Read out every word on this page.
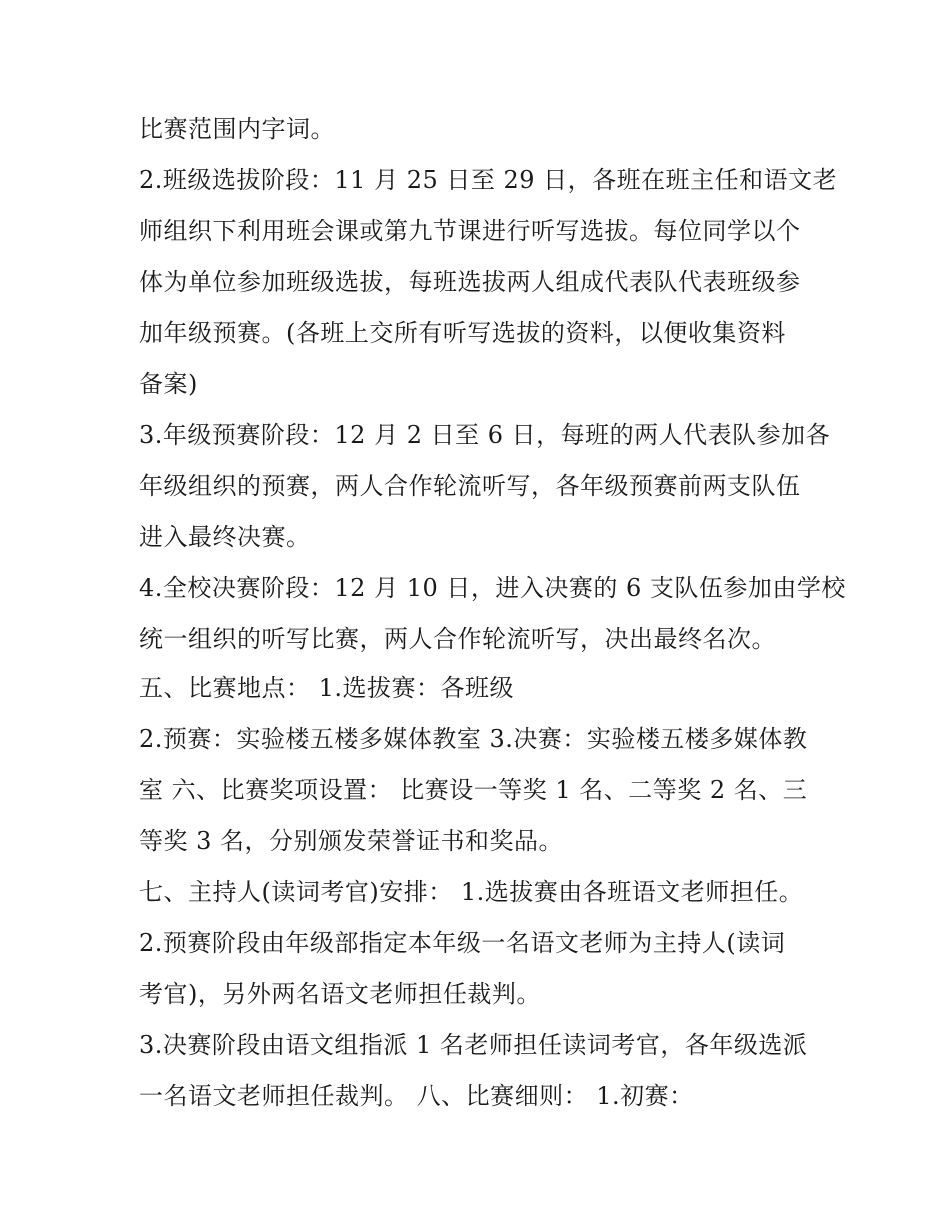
比赛范围内字词。
2.班级选拔阶段：11 月 25 日至 29 日，各班在班主任和语文老
师组织下利用班会课或第九节课进行听写选拔。每位同学以个
体为单位参加班级选拔，每班选拔两人组成代表队代表班级参
加年级预赛。(各班上交所有听写选拔的资料，以便收集资料
备案)
3.年级预赛阶段：12 月 2 日至 6 日，每班的两人代表队参加各
年级组织的预赛，两人合作轮流听写，各年级预赛前两支队伍
进入最终决赛。
4.全校决赛阶段：12 月 10 日，进入决赛的 6 支队伍参加由学校
统一组织的听写比赛，两人合作轮流听写，决出最终名次。
五、比赛地点： 1.选拔赛：各班级
2.预赛：实验楼五楼多媒体教室 3.决赛：实验楼五楼多媒体教
室 六、比赛奖项设置： 比赛设一等奖 1 名、二等奖 2 名、三
等奖 3 名，分别颁发荣誉证书和奖品。
七、主持人(读词考官)安排： 1.选拔赛由各班语文老师担任。
2.预赛阶段由年级部指定本年级一名语文老师为主持人(读词
考官)，另外两名语文老师担任裁判。
3.决赛阶段由语文组指派 1 名老师担任读词考官，各年级选派
一名语文老师担任裁判。 八、比赛细则： 1.初赛：
